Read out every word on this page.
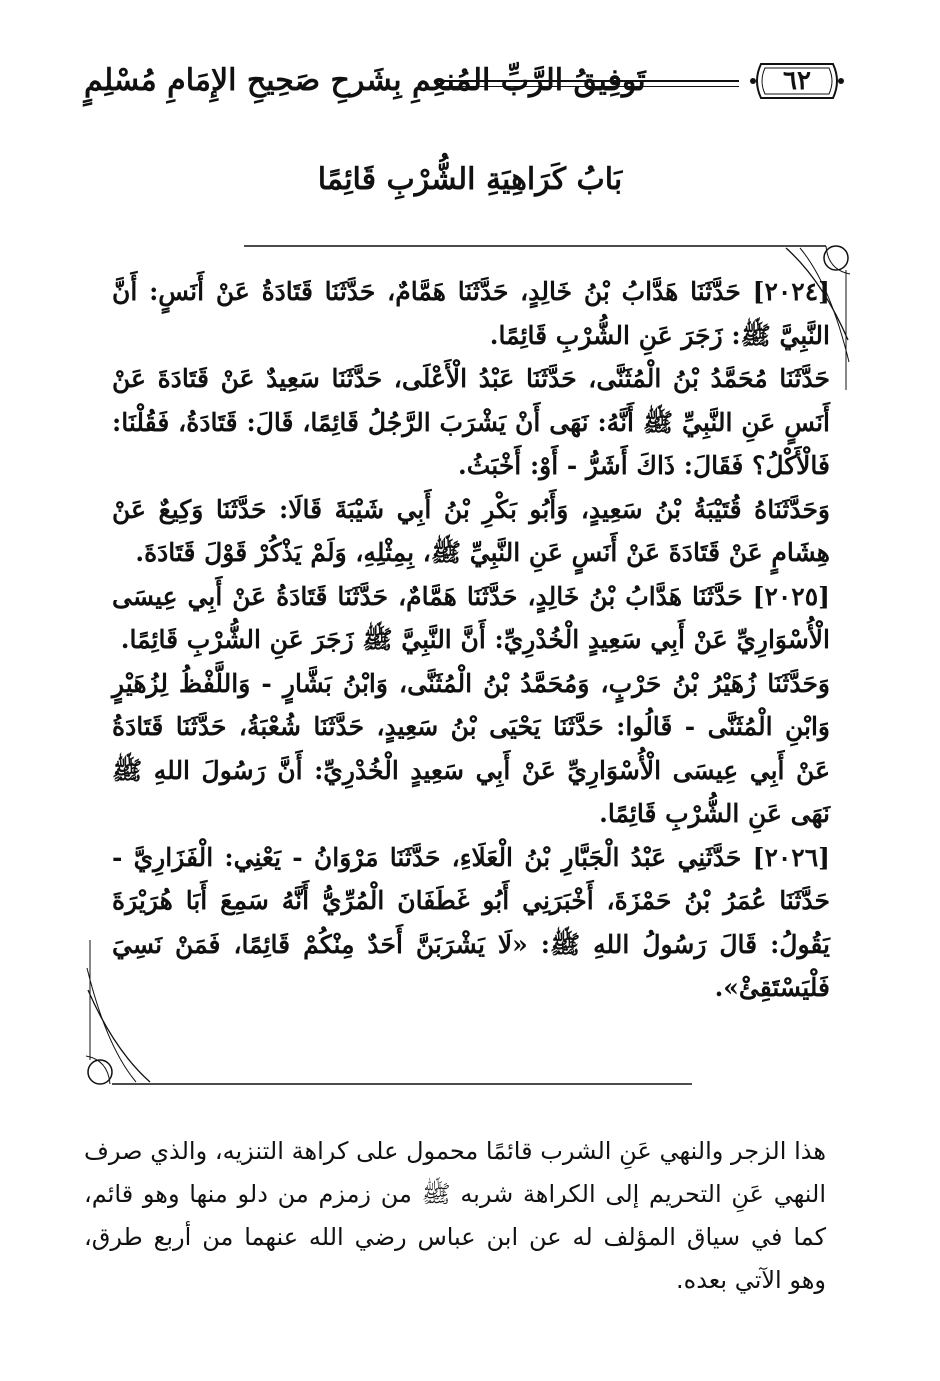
تَوفِيقُ الرَّبِّ المُنعِمِ بِشَرحِ صَحِيحِ الإِمَامِ مُسْلِمٍ	٦٢
بَابُ كَرَاهِيَةِ الشُّرْبِ قَائِمًا

[٢٠٢٤] حَدَّثَنَا هَدَّابُ بْنُ خَالِدٍ، حَدَّثَنَا هَمَّامٌ، حَدَّثَنَا قَتَادَةُ عَنْ أَنَسٍ: أَنَّ النَّبِيَّ ﷺ: زَجَرَ عَنِ الشُّرْبِ قَائِمًا.

حَدَّثَنَا مُحَمَّدُ بْنُ الْمُثَنَّى، حَدَّثَنَا عَبْدُ الْأَعْلَى، حَدَّثَنَا سَعِيدٌ عَنْ قَتَادَةَ عَنْ أَنَسٍ عَنِ النَّبِيِّ ﷺ أَنَّهُ: نَهَى أَنْ يَشْرَبَ الرَّجُلُ قَائِمًا، قَالَ: قَتَادَةُ، فَقُلْنَا: فَالْأَكْلُ؟ فَقَالَ: ذَاكَ أَشَرُّ - أَوْ: أَخْبَثُ.

وَحَدَّثَنَاهُ قُتَيْبَةُ بْنُ سَعِيدٍ، وَأَبُو بَكْرِ بْنُ أَبِي شَيْبَةَ قَالَا: حَدَّثَنَا وَكِيعٌ عَنْ هِشَامٍ عَنْ قَتَادَةَ عَنْ أَنَسٍ عَنِ النَّبِيِّ ﷺ، بِمِثْلِهِ، وَلَمْ يَذْكُرْ قَوْلَ قَتَادَةَ.

[٢٠٢٥] حَدَّثَنَا هَدَّابُ بْنُ خَالِدٍ، حَدَّثَنَا هَمَّامٌ، حَدَّثَنَا قَتَادَةُ عَنْ أَبِي عِيسَى الْأُسْوَارِيِّ عَنْ أَبِي سَعِيدٍ الْخُدْرِيِّ: أَنَّ النَّبِيَّ ﷺ زَجَرَ عَنِ الشُّرْبِ قَائِمًا.

وَحَدَّثَنَا زُهَيْرُ بْنُ حَرْبٍ، وَمُحَمَّدُ بْنُ الْمُثَنَّى، وَابْنُ بَشَّارٍ - وَاللَّفْظُ لِزُهَيْرٍ وَابْنِ الْمُثَنَّى - قَالُوا: حَدَّثَنَا يَحْيَى بْنُ سَعِيدٍ، حَدَّثَنَا شُعْبَةُ، حَدَّثَنَا قَتَادَةُ عَنْ أَبِي عِيسَى الْأُسْوَارِيِّ عَنْ أَبِي سَعِيدٍ الْخُدْرِيِّ: أَنَّ رَسُولَ اللهِ ﷺ نَهَى عَنِ الشُّرْبِ قَائِمًا.

[٢٠٢٦] حَدَّثَنِي عَبْدُ الْجَبَّارِ بْنُ الْعَلَاءِ، حَدَّثَنَا مَرْوَانُ - يَعْنِي: الْفَزَارِيَّ - حَدَّثَنَا عُمَرُ بْنُ حَمْزَةَ، أَخْبَرَنِي أَبُو غَطَفَانَ الْمُرِّيُّ أَنَّهُ سَمِعَ أَبَا هُرَيْرَةَ يَقُولُ: قَالَ رَسُولُ اللهِ ﷺ: «لَا يَشْرَبَنَّ أَحَدٌ مِنْكُمْ قَائِمًا، فَمَنْ نَسِيَ فَلْيَسْتَقِئْ».

هذا الزجر والنهي عَنِ الشرب قائمًا محمول على كراهة التنزيه، والذي صرف النهي عَنِ التحريم إلى الكراهة شربه ﷺ من زمزم من دلو منها وهو قائم، كما في سياق المؤلف له عن ابن عباس رضي الله عنهما من أربع طرق، وهو الآتي بعده.
